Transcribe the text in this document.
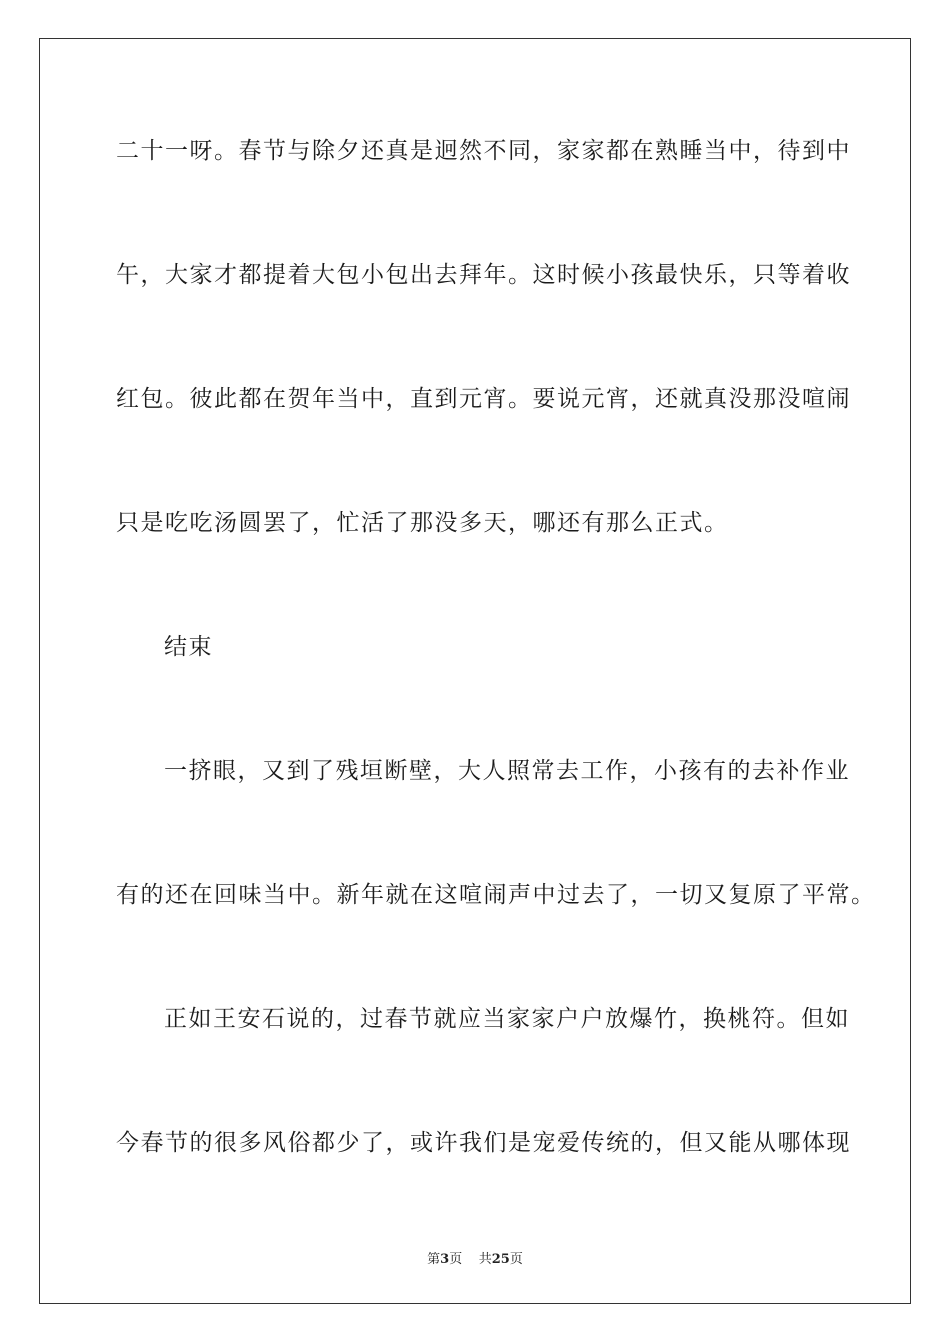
二十一呀。春节与除夕还真是迥然不同，家家都在熟睡当中，待到中
午，大家才都提着大包小包出去拜年。这时候小孩最快乐，只等着收
红包。彼此都在贺年当中，直到元宵。要说元宵，还就真没那没喧闹
只是吃吃汤圆罢了，忙活了那没多天，哪还有那么正式。
结束
一挤眼，又到了残垣断壁，大人照常去工作，小孩有的去补作业
有的还在回味当中。新年就在这喧闹声中过去了，一切又复原了平常。
正如王安石说的，过春节就应当家家户户放爆竹，换桃符。但如
今春节的很多风俗都少了，或许我们是宠爱传统的，但又能从哪体现
第3页 共25页
